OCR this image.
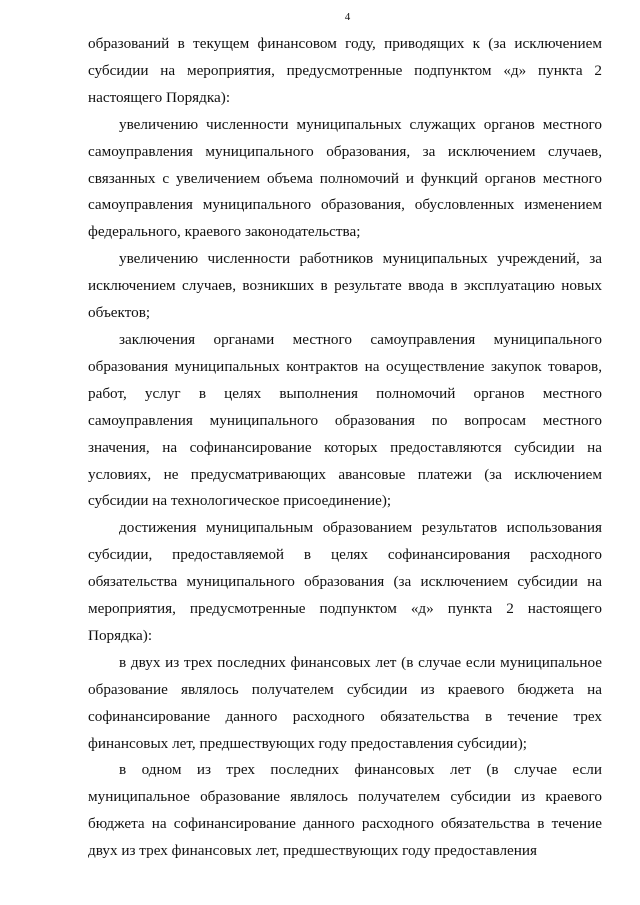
4

образований в текущем финансовом году, приводящих к (за исключением субсидии на мероприятия, предусмотренные подпунктом «д» пункта 2 настоящего Порядка):

увеличению численности муниципальных служащих органов местного самоуправления муниципального образования, за исключением случаев, связанных с увеличением объема полномочий и функций органов местного самоуправления муниципального образования, обусловленных изменением федерального, краевого законодательства;

увеличению численности работников муниципальных учреждений, за исключением случаев, возникших в результате ввода в эксплуатацию новых объектов;

заключения органами местного самоуправления муниципального образования муниципальных контрактов на осуществление закупок товаров, работ, услуг в целях выполнения полномочий органов местного самоуправления муниципального образования по вопросам местного значения, на софинансирование которых предоставляются субсидии на условиях, не предусматривающих авансовые платежи (за исключением субсидии на технологическое присоединение);

достижения муниципальным образованием результатов использования субсидии, предоставляемой в целях софинансирования расходного обязательства муниципального образования (за исключением субсидии на мероприятия, предусмотренные подпунктом «д» пункта 2 настоящего Порядка):

в двух из трех последних финансовых лет (в случае если муниципальное образование являлось получателем субсидии из краевого бюджета на софинансирование данного расходного обязательства в течение трех финансовых лет, предшествующих году предоставления субсидии);

в одном из трех последних финансовых лет (в случае если муниципальное образование являлось получателем субсидии из краевого бюджета на софинансирование данного расходного обязательства в течение двух из трех финансовых лет, предшествующих году предоставления
